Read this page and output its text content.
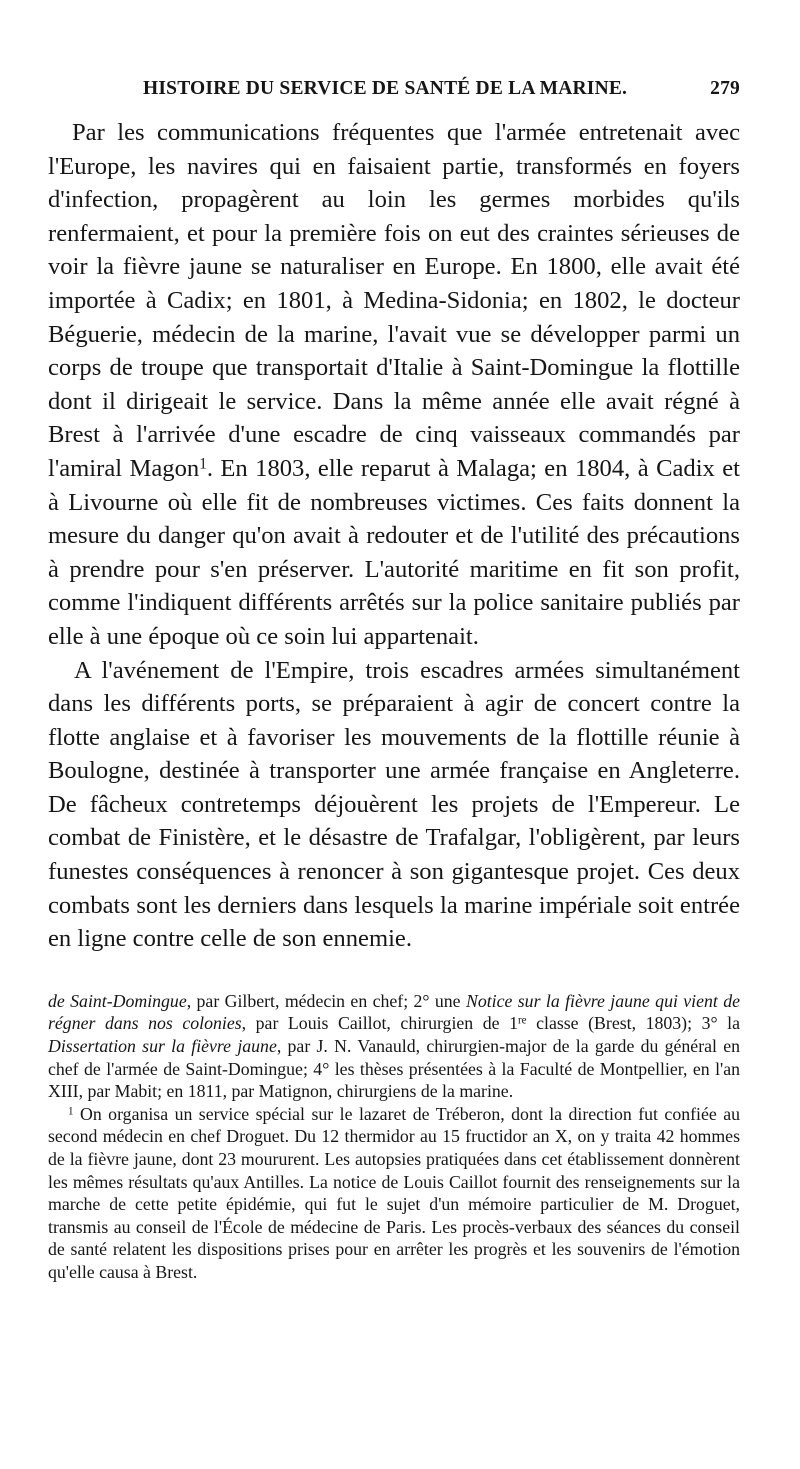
HISTOIRE DU SERVICE DE SANTÉ DE LA MARINE.	279

Par les communications fréquentes que l'armée entretenait avec l'Europe, les navires qui en faisaient partie, transformés en foyers d'infection, propagèrent au loin les germes morbides qu'ils renfermaient, et pour la première fois on eut des craintes sérieuses de voir la fièvre jaune se naturaliser en Europe. En 1800, elle avait été importée à Cadix; en 1801, à Medina-Sidonia; en 1802, le docteur Béguerie, médecin de la marine, l'avait vue se développer parmi un corps de troupe que transportait d'Italie à Saint-Domingue la flottille dont il dirigeait le service. Dans la même année elle avait régné à Brest à l'arrivée d'une escadre de cinq vaisseaux commandés par l'amiral Magon$^1$. En 1803, elle reparut à Malaga; en 1804, à Cadix et à Livourne où elle fit de nombreuses victimes. Ces faits donnent la mesure du danger qu'on avait à redouter et de l'utilité des précautions à prendre pour s'en préserver. L'autorité maritime en fit son profit, comme l'indiquent différents arrêtés sur la police sanitaire publiés par elle à une époque où ce soin lui appartenait.

A l'avénement de l'Empire, trois escadres armées simultanément dans les différents ports, se préparaient à agir de concert contre la flotte anglaise et à favoriser les mouvements de la flottille réunie à Boulogne, destinée à transporter une armée française en Angleterre. De fâcheux contretemps déjouèrent les projets de l'Empereur. Le combat de Finistère, et le désastre de Trafalgar, l'obligèrent, par leurs funestes conséquences à renoncer à son gigantesque projet. Ces deux combats sont les derniers dans lesquels la marine impériale soit entrée en ligne contre celle de son ennemie.

de Saint-Domingue, par Gilbert, médecin en chef; 2° une Notice sur la fièvre jaune qui vient de régner dans nos colonies, par Louis Caillot, chirurgien de 1re classe (Brest, 1803); 3° la Dissertation sur la fièvre jaune, par J. N. Vanauld, chirurgien-major de la garde du général en chef de l'armée de Saint-Domingue; 4° les thèses présentées à la Faculté de Montpellier, en l'an XIII, par Mabit; en 1811, par Matignon, chirurgiens de la marine.

$^1$ On organisa un service spécial sur le lazaret de Tréberon, dont la direction fut confiée au second médecin en chef Droguet. Du 12 thermidor au 15 fructidor an X, on y traita 42 hommes de la fièvre jaune, dont 23 moururent. Les autopsies pratiquées dans cet établissement donnèrent les mêmes résultats qu'aux Antilles. La notice de Louis Caillot fournit des renseignements sur la marche de cette petite épidémie, qui fut le sujet d'un mémoire particulier de M. Droguet, transmis au conseil de l'École de médecine de Paris. Les procès-verbaux des séances du conseil de santé relatent les dispositions prises pour en arrêter les progrès et les souvenirs de l'émotion qu'elle causa à Brest.
